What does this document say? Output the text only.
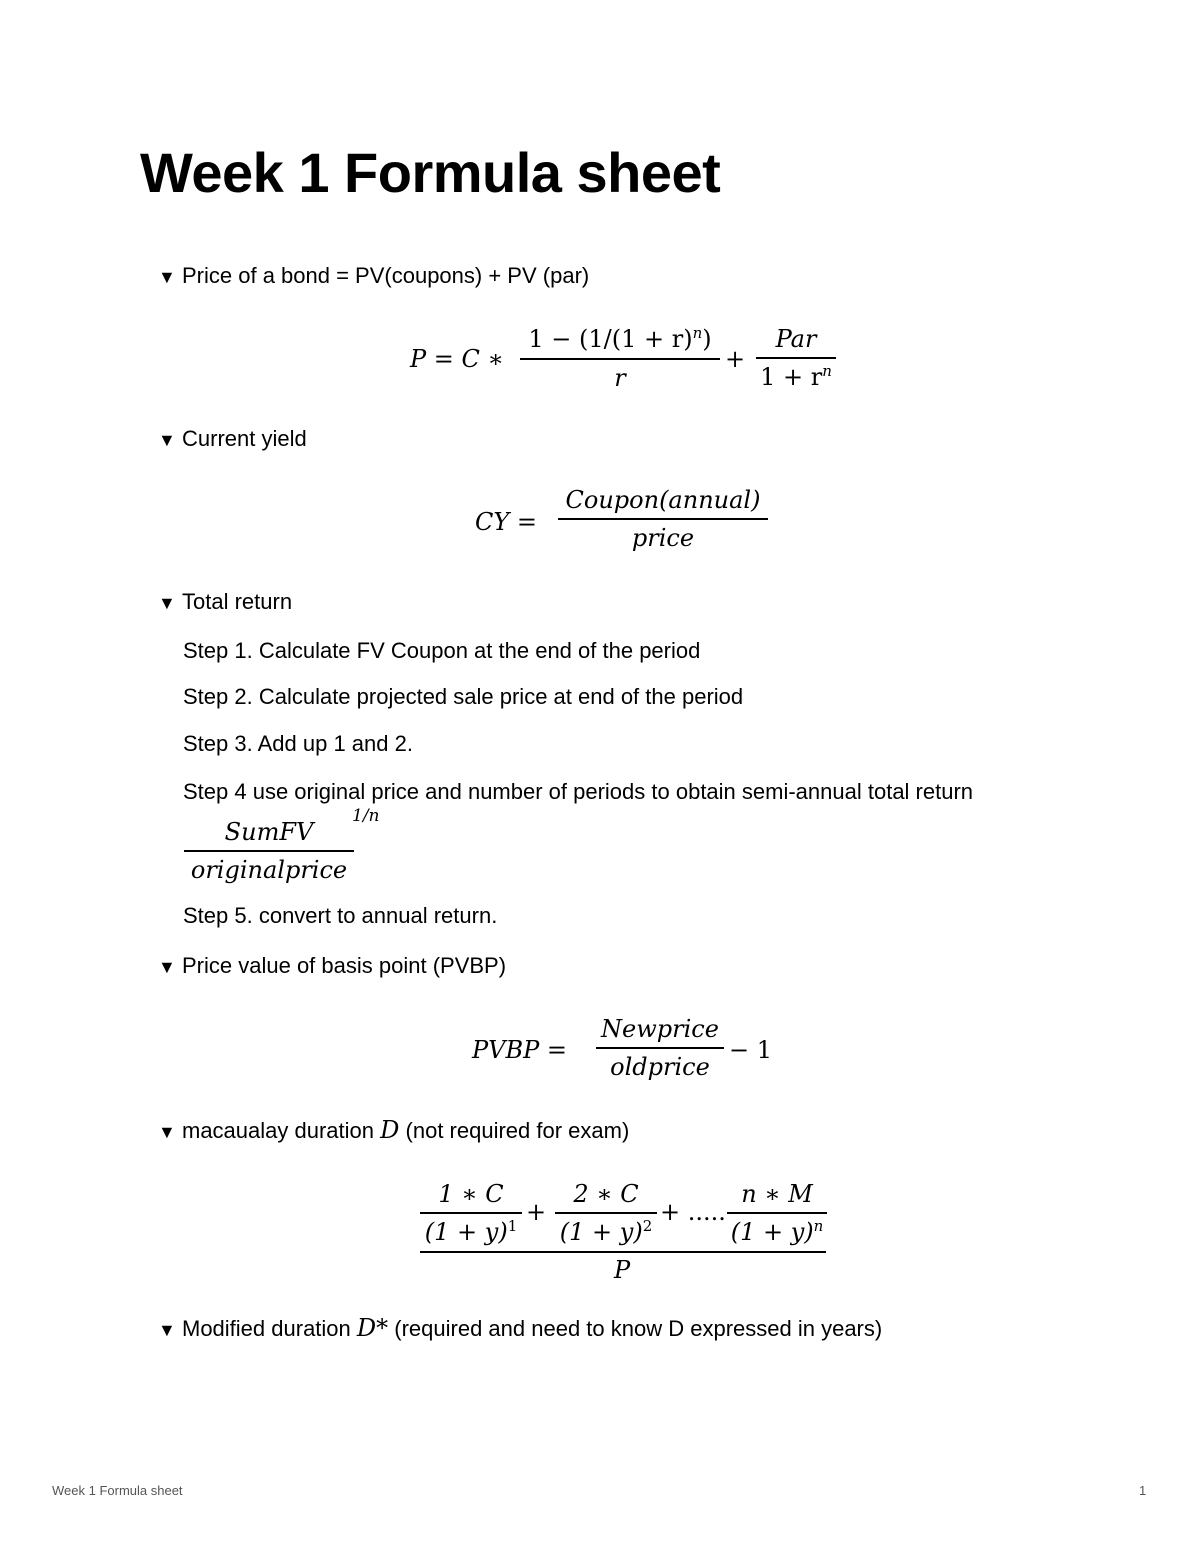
Week 1 Formula sheet
▼ Price of a bond = PV(coupons) + PV (par)
P = C ∗
$1 - (1/(1 + r)^n)$
r
+
Par
$1 + r^n$
▼ Current yield
CY =
Coupon(annual)
price
▼ Total return
Step 1. Calculate FV Coupon at the end of the period
Step 2. Calculate projected sale price at end of the period
Step 3. Add up 1 and 2.
Step 4 use original price and number of periods to obtain semi-annual total return
SumFV
originalprice
1/n
Step 5. convert to annual return.
▼ Price value of basis point (PVBP)
PVBP =
Newprice
oldprice
− 1
▼ macaualay duration D (not required for exam)
1 ∗ C
$(1 + y)^1$ +
2 ∗ C
$(1 + y)^2$ + .....
n ∗ M
$(1 + y)^n$
P
▼ Modified duration D* (required and need to know D expressed in years)
Week 1 Formula sheet	1
